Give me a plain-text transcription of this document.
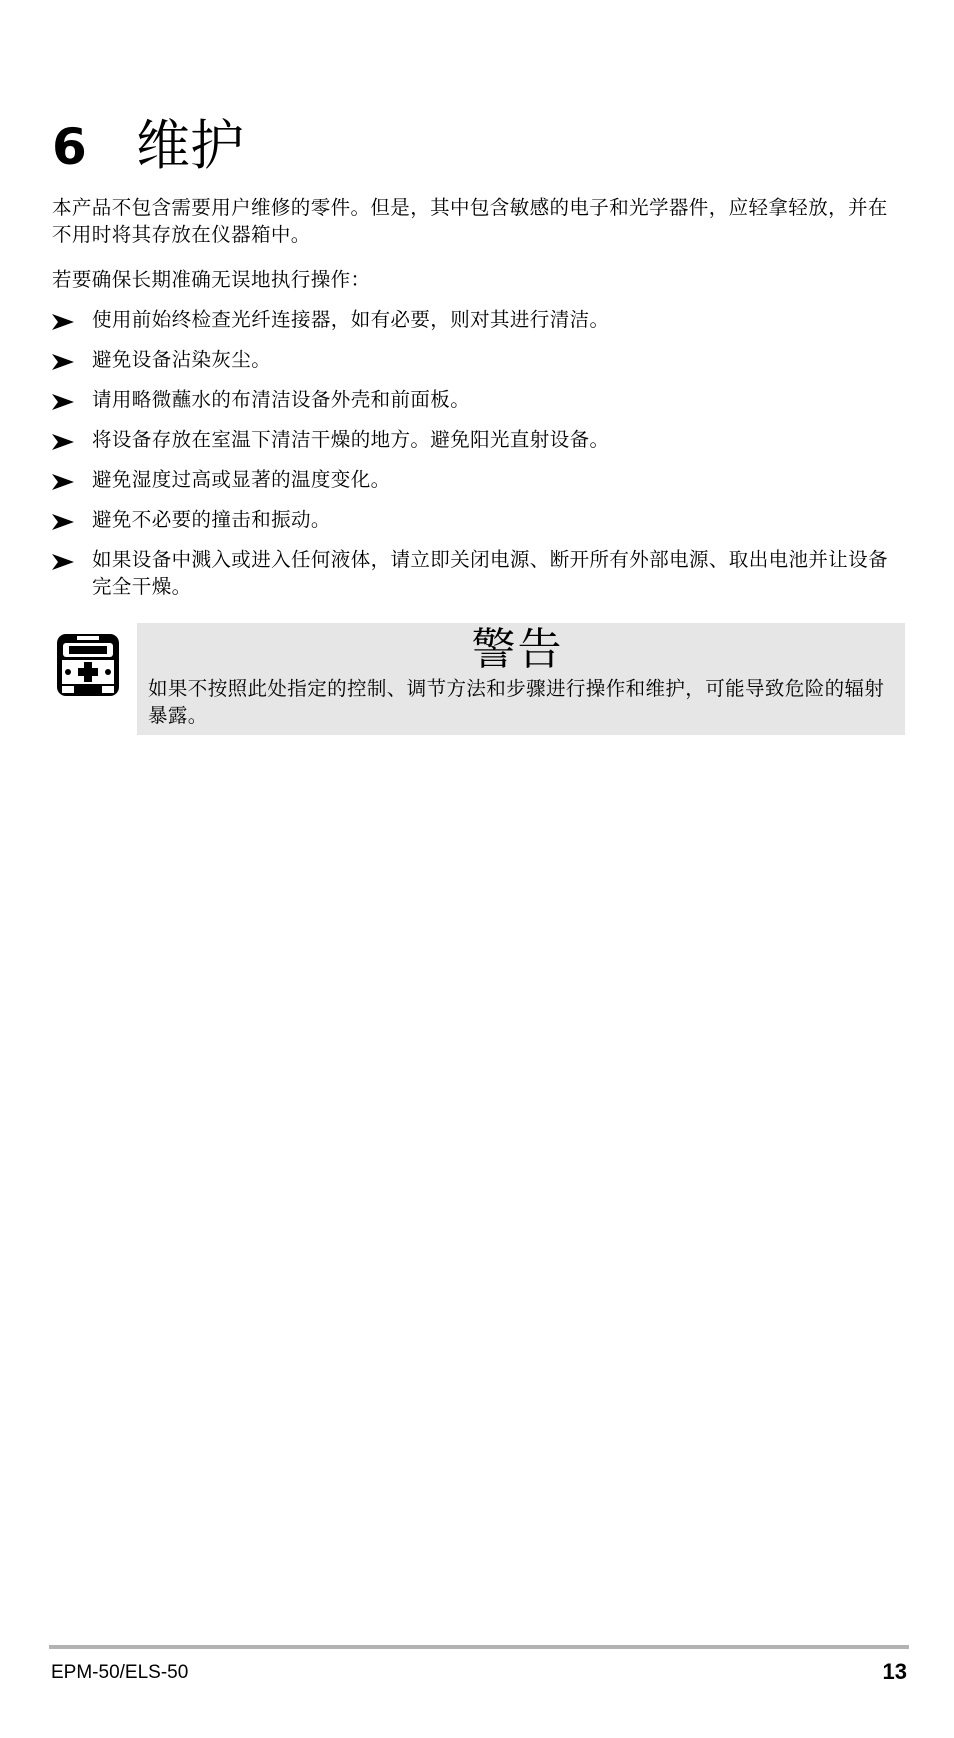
6 维护

本产品不包含需要用户维修的零件。但是，其中包含敏感的电子和光学器件，应轻拿轻放，并在不用时将其存放在仪器箱中。

若要确保长期准确无误地执行操作：

使用前始终检查光纤连接器，如有必要，则对其进行清洁。
避免设备沾染灰尘。
请用略微蘸水的布清洁设备外壳和前面板。
将设备存放在室温下清洁干燥的地方。避免阳光直射设备。
避免湿度过高或显著的温度变化。
避免不必要的撞击和振动。
如果设备中溅入或进入任何液体，请立即关闭电源、断开所有外部电源、取出电池并让设备完全干燥。
警告

如果不按照此处指定的控制、调节方法和步骤进行操作和维护，可能导致危险的辐射暴露。

EPM-50/ELS-50	13
